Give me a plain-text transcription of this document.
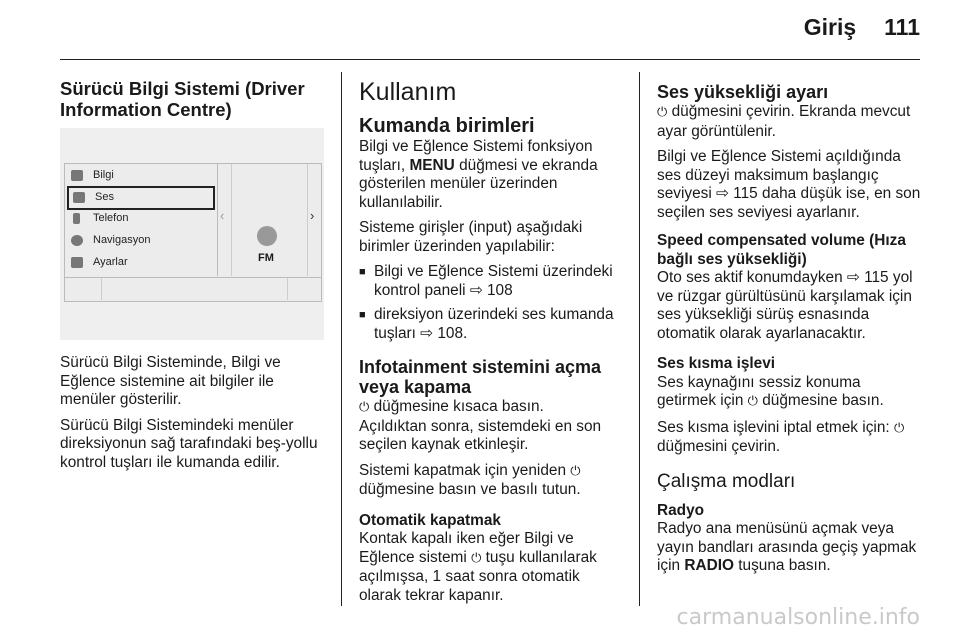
Giriş 111
Sürücü Bilgi Sistemi (Driver Information Centre)
Bilgi
Ses
Telefon
Navigasyon
Ayarlar
‹	›
FM

Sürücü Bilgi Sisteminde, Bilgi ve Eğlence sistemine ait bilgiler ile menüler gösterilir.

Sürücü Bilgi Sistemindeki menüler direksiyonun sağ tarafındaki beş-yollu kontrol tuşları ile kumanda edilir.

Kullanım
Kumanda birimleri

Bilgi ve Eğlence Sistemi fonksiyon tuşları, MENU düğmesi ve ekranda gösterilen menüler üzerinden kullanılabilir.

Sisteme girişler (input) aşağıdaki birimler üzerinden yapılabilir:

■ Bilgi ve Eğlence Sistemi üzerindeki kontrol paneli ⇨ 108
■ direksiyon üzerindeki ses kumanda tuşları ⇨ 108.
Infotainment sistemini açma veya kapama

⏻ düğmesine kısaca basın.
Açıldıktan sonra, sistemdeki en son seçilen kaynak etkinleşir.

Sistemi kapatmak için yeniden ⏻ düğmesine basın ve basılı tutun.

Otomatik kapatmak

Kontak kapalı iken eğer Bilgi ve Eğlence sistemi ⏻ tuşu kullanılarak açılmışsa, 1 saat sonra otomatik olarak tekrar kapanır.

Ses yüksekliği ayarı

⏻ düğmesini çevirin. Ekranda mevcut ayar görüntülenir.

Bilgi ve Eğlence Sistemi açıldığında ses düzeyi maksimum başlangıç seviyesi ⇨ 115 daha düşük ise, en son seçilen ses seviyesi ayarlanır.

Speed compensated volume (Hıza bağlı ses yüksekliği)

Oto ses aktif konumdayken ⇨ 115 yol ve rüzgar gürültüsünü karşılamak için ses yüksekliği sürüş esnasında otomatik olarak ayarlanacaktır.

Ses kısma işlevi

Ses kaynağını sessiz konuma getirmek için ⏻ düğmesine basın.

Ses kısma işlevini iptal etmek için: ⏻
düğmesini çevirin.

Çalışma modları
Radyo

Radyo ana menüsünü açmak veya yayın bandları arasında geçiş yapmak için RADIO tuşuna basın.

carmanualsonline.info
